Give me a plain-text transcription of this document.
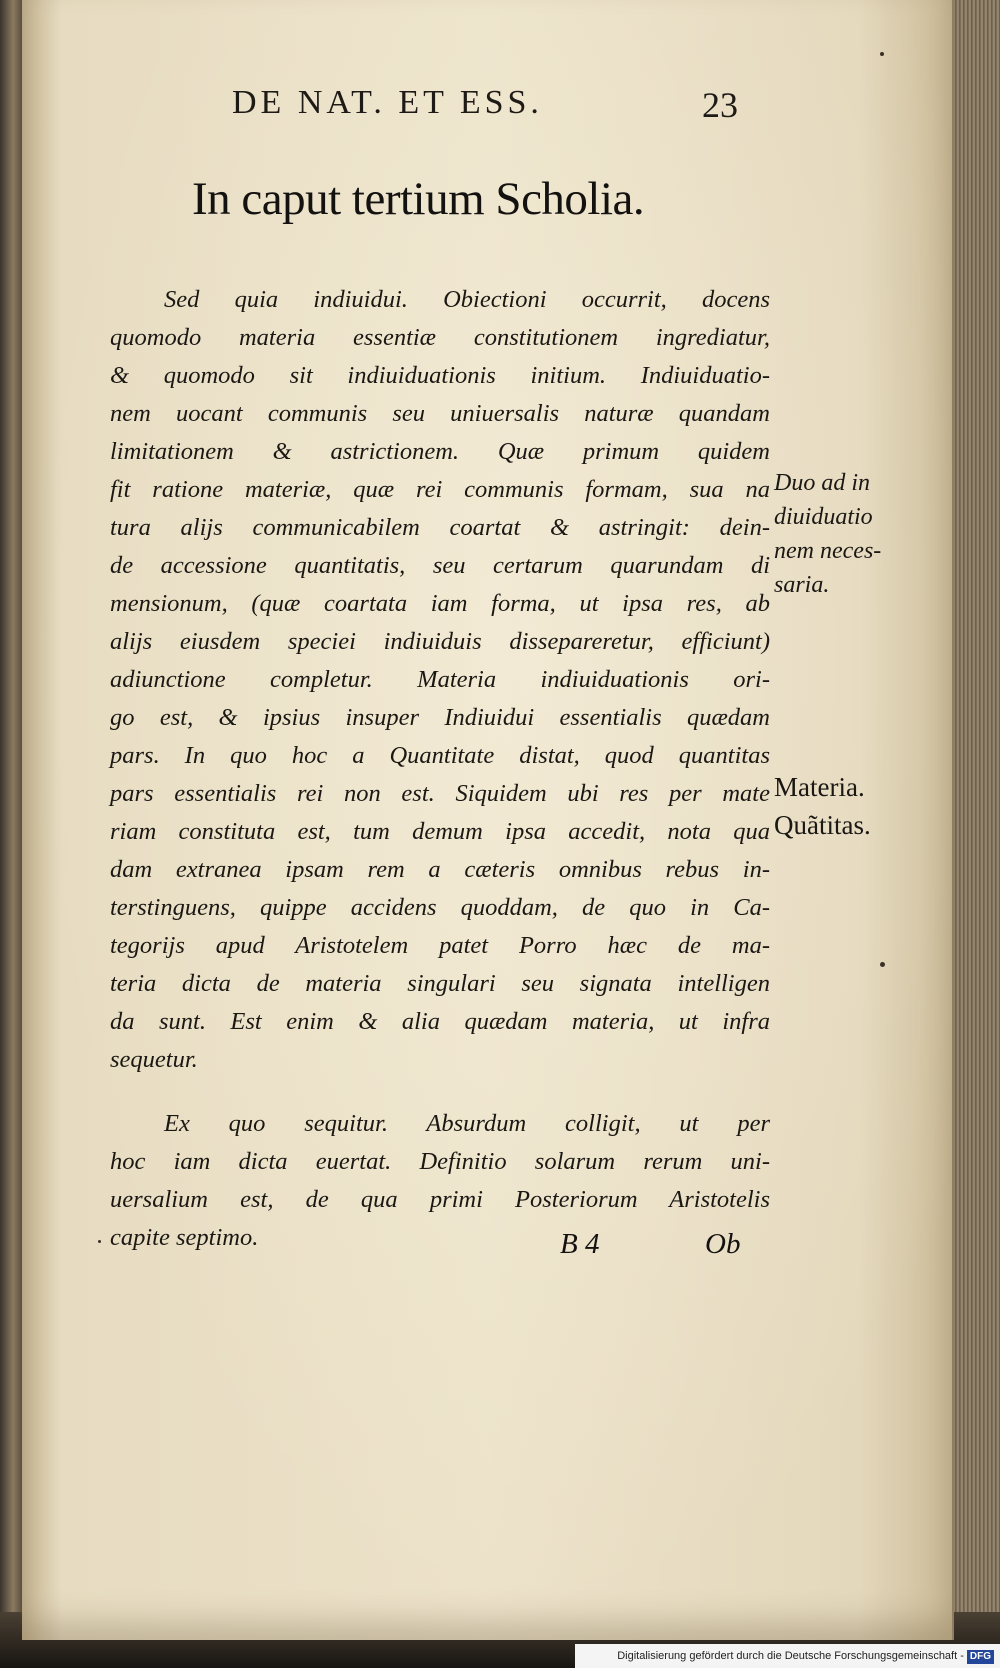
DE NAT. ET ESS.	23
In caput tertium Scholia.
Sed quia indiuidui. Obiectioni occurrit, docens
quomodo materia essentiæ constitutionem ingrediatur,
& quomodo sit indiuiduationis initium. Indiuiduatio-
nem uocant communis seu uniuersalis naturæ quandam
limitationem & astrictionem. Quæ primum quidem
fit ratione materiæ, quæ rei communis formam, sua na
tura alijs communicabilem coartat & astringit: dein-
de accessione quantitatis, seu certarum quarundam di
mensionum, (quæ coartata iam forma, ut ipsa res, ab
alijs eiusdem speciei indiuiduis dissepareretur, efficiunt)
adiunctione completur. Materia indiuiduationis ori-
go est, & ipsius insuper Indiuidui essentialis quædam
pars. In quo hoc a Quantitate distat, quod quantitas
pars essentialis rei non est. Siquidem ubi res per mate
riam constituta est, tum demum ipsa accedit, nota qua
dam extranea ipsam rem a cæteris omnibus rebus in-
terstinguens, quippe accidens quoddam, de quo in Ca-
tegorijs apud Aristotelem patet Porro hæc de ma-
teria dicta de materia singulari seu signata intelligen
da sunt. Est enim & alia quædam materia, ut infra
sequetur.
Ex quo sequitur. Absurdum colligit, ut per
hoc iam dicta euertat. Definitio solarum rerum uni-
uersalium est, de qua primi Posteriorum Aristotelis
capite septimo.
Duo ad in
diuiduatio
nem neces-
saria.
Materia.
Quãtitas.
B 4	Ob
Digitalisierung gefördert durch die Deutsche Forschungsgemeinschaft - DFG
